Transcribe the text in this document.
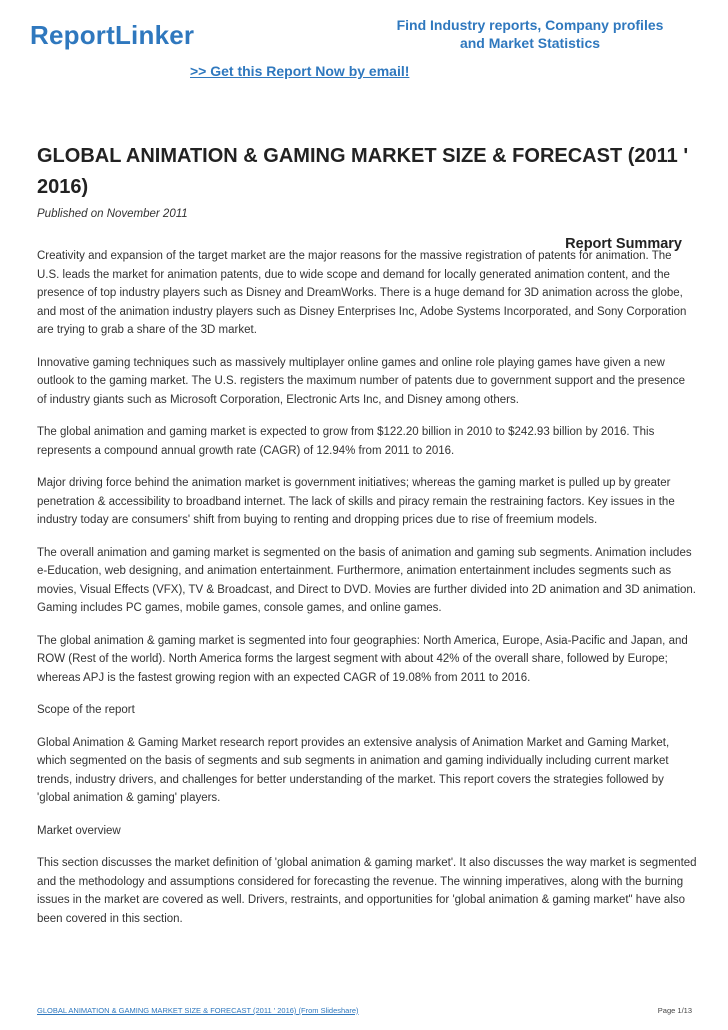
ReportLinker	Find Industry reports, Company profiles
and Market Statistics
>> Get this Report Now by email!
GLOBAL ANIMATION & GAMING MARKET SIZE & FORECAST (2011 ' 2016)
Published on November 2011
Report Summary

Creativity and expansion of the target market are the major reasons for the massive registration of patents for animation. The U.S. leads the market for animation patents, due to wide scope and demand for locally generated animation content, and the presence of top industry players such as Disney and DreamWorks. There is a huge demand for 3D animation across the globe, and most of the animation industry players such as Disney Enterprises Inc, Adobe Systems Incorporated, and Sony Corporation are trying to grab a share of the 3D market.

Innovative gaming techniques such as massively multiplayer online games and online role playing games have given a new outlook to the gaming market. The U.S. registers the maximum number of patents due to government support and the presence of industry giants such as Microsoft Corporation, Electronic Arts Inc, and Disney among others.

The global animation and gaming market is expected to grow from $122.20 billion in 2010 to $242.93 billion by 2016. This represents a compound annual growth rate (CAGR) of 12.94% from 2011 to 2016.

Major driving force behind the animation market is government initiatives; whereas the gaming market is pulled up by greater penetration & accessibility to broadband internet. The lack of skills and piracy remain the restraining factors. Key issues in the industry today are consumers' shift from buying to renting and dropping prices due to rise of freemium models.

The overall animation and gaming market is segmented on the basis of animation and gaming sub segments. Animation includes e-Education, web designing, and animation entertainment. Furthermore, animation entertainment includes segments such as movies, Visual Effects (VFX), TV & Broadcast, and Direct to DVD. Movies are further divided into 2D animation and 3D animation. Gaming includes PC games, mobile games, console games, and online games.

The global animation & gaming market is segmented into four geographies: North America, Europe, Asia-Pacific and Japan, and ROW (Rest of the world). North America forms the largest segment with about 42% of the overall share, followed by Europe; whereas APJ is the fastest growing region with an expected CAGR of 19.08% from 2011 to 2016.

Scope of the report

Global Animation & Gaming Market research report provides an extensive analysis of Animation Market and Gaming Market, which segmented on the basis of segments and sub segments in animation and gaming individually including current market trends, industry drivers, and challenges for better understanding of the market. This report covers the strategies followed by 'global animation & gaming' players.

Market overview

This section discusses the market definition of 'global animation & gaming market'. It also discusses the way market is segmented and the methodology and assumptions considered for forecasting the revenue. The winning imperatives, along with the burning issues in the market are covered as well. Drivers, restraints, and opportunities for 'global animation & gaming market" have also been covered in this section.

GLOBAL ANIMATION & GAMING MARKET SIZE & FORECAST (2011 ' 2016) (From Slideshare)	Page 1/13
